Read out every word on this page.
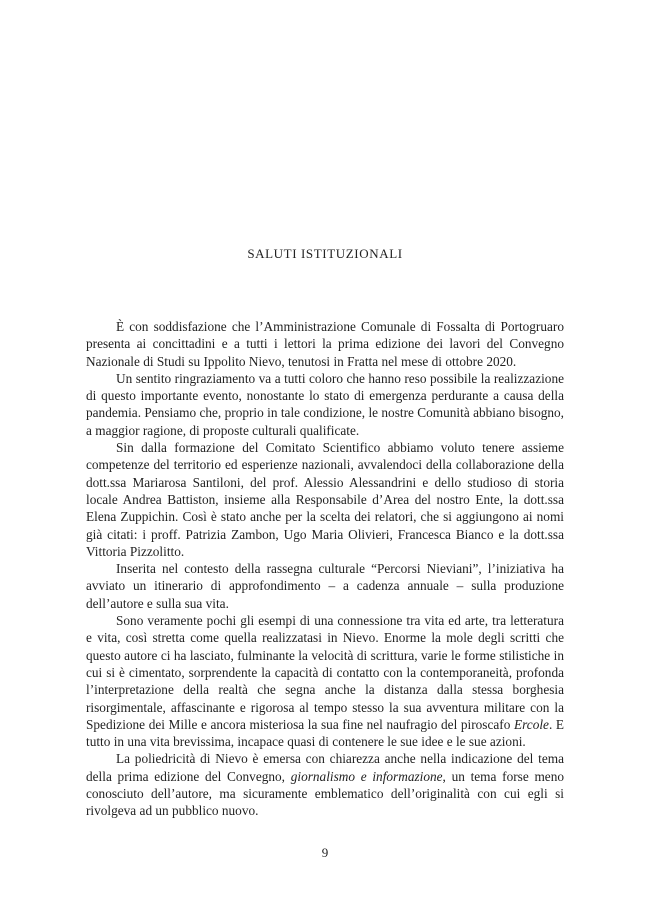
SALUTI ISTITUZIONALI

È con soddisfazione che l’Amministrazione Comunale di Fossalta di Portogruaro presenta ai concittadini e a tutti i lettori la prima edizione dei lavori del Convegno Nazionale di Studi su Ippolito Nievo, tenutosi in Fratta nel mese di ottobre 2020.

Un sentito ringraziamento va a tutti coloro che hanno reso possibile la realizzazione di questo importante evento, nonostante lo stato di emergenza perdurante a causa della pandemia. Pensiamo che, proprio in tale condizione, le nostre Comunità abbiano bisogno, a maggior ragione, di proposte culturali qualificate.

Sin dalla formazione del Comitato Scientifico abbiamo voluto tenere assieme competenze del territorio ed esperienze nazionali, avvalendoci della collaborazione della dott.ssa Mariarosa Santiloni, del prof. Alessio Alessandrini e dello studioso di storia locale Andrea Battiston, insieme alla Responsabile d’Area del nostro Ente, la dott.ssa Elena Zuppichin. Così è stato anche per la scelta dei relatori, che si aggiungono ai nomi già citati: i proff. Patrizia Zambon, Ugo Maria Olivieri, Francesca Bianco e la dott.ssa Vittoria Pizzolitto.

Inserita nel contesto della rassegna culturale “Percorsi Nieviani”, l’iniziativa ha avviato un itinerario di approfondimento – a cadenza annuale – sulla produzione dell’autore e sulla sua vita.

Sono veramente pochi gli esempi di una connessione tra vita ed arte, tra letteratura e vita, così stretta come quella realizzatasi in Nievo. Enorme la mole degli scritti che questo autore ci ha lasciato, fulminante la velocità di scrittura, varie le forme stilistiche in cui si è cimentato, sorprendente la capacità di contatto con la contemporaneità, profonda l’interpretazione della realtà che segna anche la distanza dalla stessa borghesia risorgimentale, affascinante e rigorosa al tempo stesso la sua avventura militare con la Spedizione dei Mille e ancora misteriosa la sua fine nel naufragio del piroscafo Ercole. E tutto in una vita brevissima, incapace quasi di contenere le sue idee e le sue azioni.

La poliedricità di Nievo è emersa con chiarezza anche nella indicazione del tema della prima edizione del Convegno, giornalismo e informazione, un tema forse meno conosciuto dell’autore, ma sicuramente emblematico dell’originalità con cui egli si rivolgeva ad un pubblico nuovo.

9
